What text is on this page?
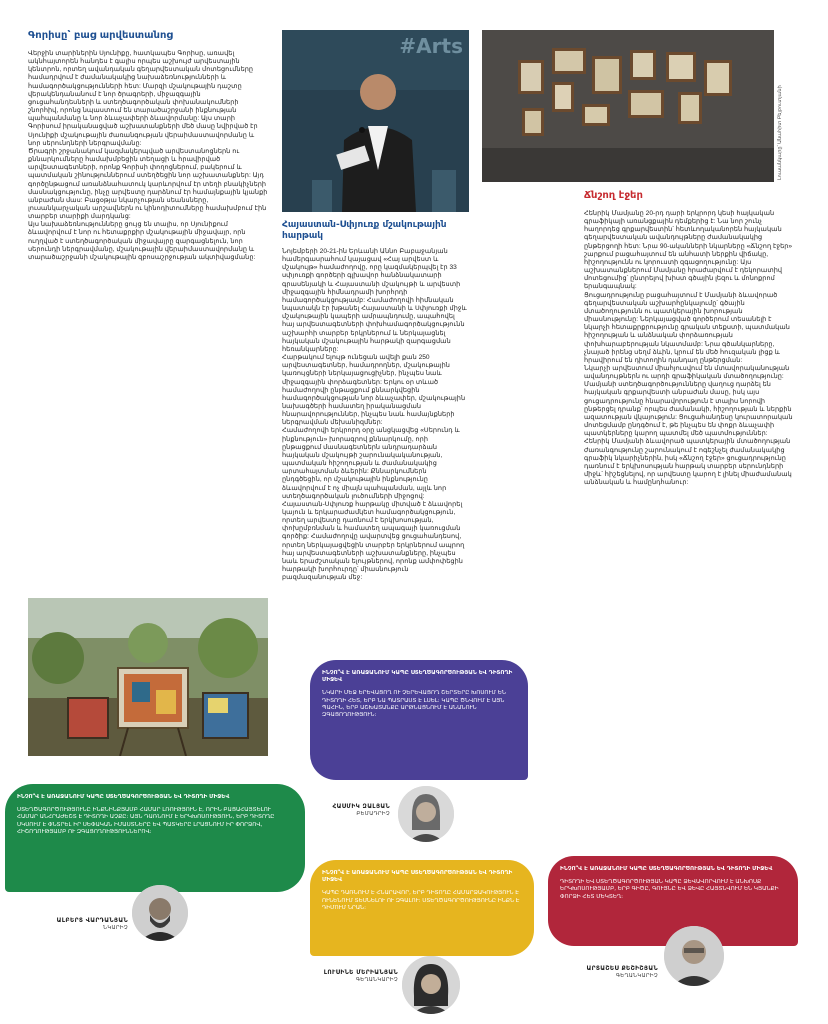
Գորիսը՝ բաց արվեստանոց

Վերջին տարիներին Սյունիքը, հատկապես Գորիսը, առավել ակնհայտորեն հանդես է գալիս որպես աշխույժ արվեստային կենտրոն, որտեղ ավանդական գեղարվեստական մոտեցումները համադրվում է ժամանակակից նախաձեռնությունների և համագործակցությունների հետ: Մարզի մշակութային դաշտը վերակենդանանում է նոր ծրագրերի, միջազգային ցուցահանդեսների և ստեղծագործական փոխանակումների շնորհիվ, որոնց նպաստում են տարածաշրջանի ինքնության պահպանմանը և նոր ձևաչափերի ձևավորմանը: Այս տարի Գորիսում իրականացված աշխատանքների մեծ մասը նվիրված էր Սյունիքի մշակութային ժառանգության վերաիմաստավորմանը և նոր սերունդների ներգրավմանը:

Ծրագրի շրջանակում կազմակերպված արվեստանոցներն ու քննարկումները համախմբեցին տեղացի և հրավիրված արվեստագետների, որոնք Գորիսի փողոցներում, բակերում և պատմական շինություններում ստեղծեցին նոր աշխատանքներ: Այդ գործընթացում առանձնահատուկ կարևորվում էր տեղի բնակիչների մասնակցությունը, ինչը արվեստը դարձնում էր համայնքային կյանքի անբաժան մաս: Բացօթյա նկարչության սեանսները, լուսանկարչական արշավներն ու կինոդիտումները համախմբում էին տարբեր տարիքի մարդկանց:

Այս նախաձեռնությունները ցույց են տալիս, որ Սյունիքում ձևավորվում է նոր ու հետաքրքիր մշակութային միջավայր, որն ուղղված է ստեղծագործական միջավայրը զարգացնելուն, նոր սերունդի ներգրավմանը, մշակութային վերաիմաստավորմանը և տարածաշրջանի մշակութային զբոսաշրջության ակտիվացմանը:

#Arts
Հայաստան-Սփյուռք մշակութային
հարթակ

Նոյեմբերի 20-21-ին Երևանի Աննո Բաբաջանյան համերգասրահում կայացավ «Հայ արվեստ և մշակույթ» համաժողովը, որը կազմակերպվել էր 33 սփյուռքի գործերի գլխավոր հանձնակատարի գրասենյակի և Հայաստանի մշակույթի և արվեստի միջազգային հիմնադրամի խորհրդի համագործակցությամբ: Համաժողովի հիմնական նպատակն էր խթանել Հայաստանի և Սփյուռքի միջև մշակութային կապերի ամրապնդումը, ապահովել հայ արվեստագետների փոխհամագործակցությունն աշխարհի տարբեր երկրներում և ներկայացնել հայկական մշակութային հարթակի զարգացման հեռանկարները:

Հարթակում ելույթ ունեցան ավելի քան 250 արվեստագետներ, համադրողներ, մշակութային կառույցների ներկայացուցիչներ, ինչպես նաև միջազգային փորձագետներ: Երկու օր տևած համաժողովի ընթացքում քննարկվեցին համագործակցության նոր ձևաչափեր, մշակութային նախագծերի համատեղ իրականացման հնարավորություններ, ինչպես նաև համայնքների ներգրավման մեխանիզմներ:

Համաժողովի երկրորդ օրը անցկացվեց «Սերունդ և ինքնություն» խորագրով քննարկումը, որի ընթացքում մասնագետներն անդրադարձան հայկական մշակույթի շարունակականության, պատմական հիշողության և ժամանակակից արտահայտման ձևերին: Քննարկումներն ընդգծեցին, որ մշակութային ինքնությունը ձևավորվում է ոչ միայն պահպանման, այլև նոր ստեղծագործական լուծումների միջոցով:

Հայաստան-Սփյուռք հարթակը միտված է ձևավորել կայուն և երկարաժամկետ համագործակցություն, որտեղ արվեստը դառնում է երկխոսության, փոխըմբռնման և համատեղ ապագայի կառուցման գործիք: Համաժողովը ավարտվեց ցուցահանդեսով, որտեղ ներկայացվեցին տարբեր երկրներում ապրող հայ արվեստագետների աշխատանքները, ինչպես նաև երաժշտական ելույթներով, որոնք ամփոփեցին հարթակի խորհուրդը՝ միասնություն բազմազանության մեջ:

Լուսանկարը՝ Անահիտ Բեյբուտյանի
Ճնշող էջեր

Հենրիկ Մամյանը 20-րդ դարի երկրորդ կեսի հայկական գրաֆիկայի առանցքային դեմքերից է: Նա նոր շունչ հաղորդեց գրքարվեստին՝ հետևողականորեն հայկական գեղարվեստական ավանդույթները ժամանակակից ընթերցողի հետ: Նրա 90-ականների նկարները «Ճնշող էջեր» շարքում բացահայտում են անհատի ներքին վիճակը, հիշողությունն ու կորուստի զգացողությունը: Այս աշխատանքներում Մամյանը հրաժարվում է դեկորատիվ մոտեցումից՝ ընտրելով խիստ գծային լեզու և մոնոքրոմ երանգապնակ:

Ցուցադրությունը բացահայտում է Մամյանի ձևավորած գեղարվեստական աշխարհընկալումը՝ գծային մտածողությունն ու պատկերային խորության միասնությունը: Ներկայացված գործերում տեսանելի է նկարչի հետաքրքրությունը գրական տեքստի, պատմական հիշողության և անձնական փորձառության փոխհարաբերության նկատմամբ: Նրա գծանկարները, չնայած իրենց սեղմ ձևին, կրում են մեծ հուզական լիցք և հրավիրում են դիտողին դանդաղ ընթերցման:

Նկարչի արվեստում միահյուսվում են մտավորականության ավանդույթներն ու արդի գրաֆիկական մտածողությունը: Մամյանի ստեղծագործությունները վաղուց դարձել են հայկական գրքարվեստի անբաժան մասը, իսկ այս ցուցադրությունը հնարավորություն է տալիս նորովի ընթերցել դրանք՝ որպես ժամանակի, հիշողության և ներքին ազատության վկայություն: Ցուցահանդեսը կուրատորական մոտեցմամբ ընդգծում է, թե ինչպես են փոքր ձևաչափի պատկերները կարող պատմել մեծ պատմություններ:

Հենրիկ Մամյանի ձևավորած պատկերային մտածողության ժառանգությունը շարունակում է ոգեշնչել ժամանակակից գրաֆիկ նկարիչներին, իսկ «Ճնշող էջեր» ցուցադրությունը դառնում է երկխոսության հարթակ տարբեր սերունդների միջև՝ հիշեցնելով, որ արվեստը կարող է լինել միաժամանակ անձնական և համընդհանուր:

ԻՆՉՈ՞Վ Է ԱՌԱՋԱՆՈՒՄ ԿԱՊԸ ՍՏԵՂԾԱԳՈՐԾՈՒԹՅԱՆ ԵՎ ԴԻՏՈՂԻ ՄԻՋԵՎ
ՍՏԵՂԾԱԳՈՐԾՈՒԹՅՈՒՆԸ ԻՆՔՆԻՆՔՅԱՄԲ ՀԱՄԱՐ ԼՌՈՒԹՅՈՒՆ Է, ՈՐԻՆ ԲԱՑԱՀԱՅՏԵԼՈՒ ՀԱՄԱՐ ԱՆՀՐԱԺԵՇՏ Է ԴԻՏՈՂԻ ԱՉՔԸ: ԱՅՆ ԴԱՌՆՈՒՄ Է ԵՐԿԽՈՍՈՒԹՅՈՒՆ, ԵՐԲ ԴԻՏՈՂԸ ՍԿՍՈՒՄ Է ՓՆՏՐԵԼ ԻՐ ՍԵՓԱԿԱՆ ԻՄԱՍՏՆԵՐԸ ԵՎ ՊԱՏԿԵՐԸ ԼՐԱՑՆՈՒՄ ԻՐ ՓՈՐՁՈՎ, ՀԻՇՈՂՈՒԹՅԱՄԲ ՈՒ ԶԳԱՑՈՂՈՒԹՅՈՒՆՆԵՐՈՎ:
ԱԼԲԵՐՏ ՎԱՐԴԱՆՅԱՆ
ՆԿԱՐԻՉ
ԻՆՉՈ՞Վ Է ԱՌԱՋԱՆՈՒՄ ԿԱՊԸ ՍՏԵՂԾԱԳՈՐԾՈՒԹՅԱՆ ԵՎ ԴԻՏՈՂԻ ՄԻՋԵՎ
ՆԿԱՐԻ ՄԵՋ ԵՐԵՎԱՑՈՂ ՈՒ ՉԵՐԵՎԱՑՈՂ ՇԵՐՏԵՐԸ ԽՈՍՈՒՄ ԵՆ ԴԻՏՈՂԻ ՀԵՏ, ԵՐԲ ՆԱ ՊԱՏՐԱՍՏ Է ԼՍԵԼ: ԿԱՊԸ ԾՆՎՈՒՄ Է ԱՅՆ ՊԱՀԻՆ, ԵՐԲ ԱՇԽԱՏԱՆՔԸ ԱՐԹՆԱՑՆՈՒՄ Է ԱՆԱՆՈՒՆ ԶԳԱՑՈՂՈՒԹՅՈՒՆ:
ՀԱՍՄԻԿ ԶԱԼՅԱՆ
ԲԵՄԱԴՐԻՉ
ԻՆՉՈ՞Վ Է ԱՌԱՋԱՆՈՒՄ ԿԱՊԸ ՍՏԵՂԾԱԳՈՐԾՈՒԹՅԱՆ ԵՎ ԴԻՏՈՂԻ ՄԻՋԵՎ
ԿԱՊԸ ԴԱՌՆՈՒՄ Է ՀՆԱՐԱՎՈՐ, ԵՐԲ ԴԻՏՈՂԸ ՀԱՄԱՐՁԱԿՈՒԹՅՈՒՆ Է ՈՒՆԵՆՈՒՄ ՏԵՍՆԵԼՈՒ ՈՒ ԶԳԱԼՈՒ: ՍՏԵՂԾԱԳՈՐԾՈՒԹՅՈՒՆԸ ԻՆՔՆ Է ԴԻՄՈՒՄ ՆՐԱՆ:
ԼՈՒՍԻՆԵ ՄԵՐԻԱՆՅԱՆ
ԳԵՂԱՆԿԱՐԻՉ
ԻՆՉՈ՞Վ Է ԱՌԱՋԱՆՈՒՄ ԿԱՊԸ ՍՏԵՂԾԱԳՈՐԾՈՒԹՅԱՆ ԵՎ ԴԻՏՈՂԻ ՄԻՋԵՎ
ԴԻՏՈՂԻ ԵՎ ՍՏԵՂԾԱԳՈՐԾՈՒԹՅԱՆ ԿԱՊԸ ՁԵՎԱՎՈՐՎՈՒՄ Է ԱՆԽՈՍՔ ԵՐԿԽՈՍՈՒԹՅԱՄԲ, ԵՐԲ ԳԻԾԸ, ԳՈՒՅՆԸ ԵՎ ՁԵՎԸ ՀԱՅՏՆՎՈՒՄ ԵՆ ԿՅԱՆՔԻ ՓՈՐՁԻ ՀԵՏ ՄԵԿՏԵՂ:
ԱՐՏԱՇԵՍ ՔԵՇԻՇՅԱՆ
ԳԵՂԱՆԿԱՐԻՉ
